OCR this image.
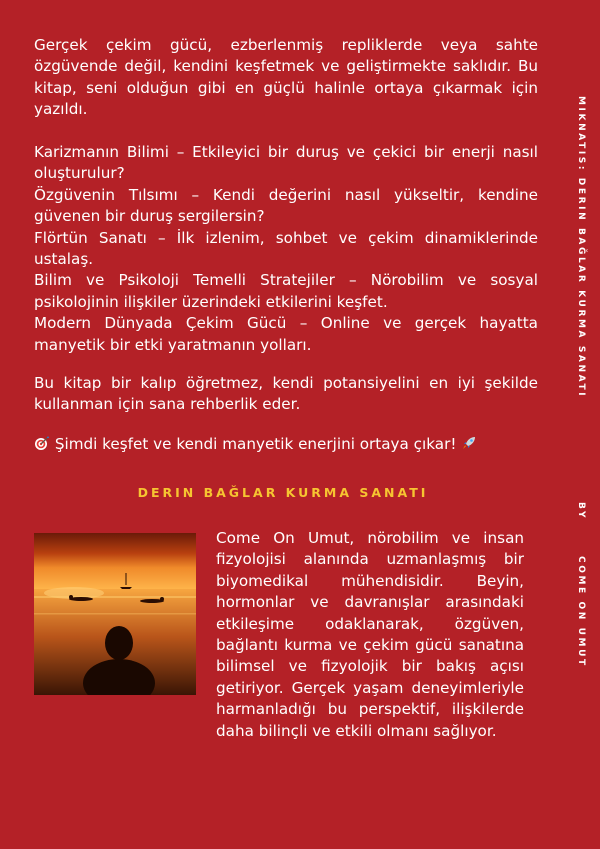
Gerçek çekim gücü, ezberlenmiş repliklerde veya sahte özgüvende değil, kendini keşfetmek ve geliştirmekte saklıdır. Bu kitap, seni olduğun gibi en güçlü halinle ortaya çıkarmak için yazıldı.

Karizmanın Bilimi – Etkileyici bir duruş ve çekici bir enerji nasıl oluşturulur?

Özgüvenin Tılsımı – Kendi değerini nasıl yükseltir, kendine güvenen bir duruş sergilersin?

Flörtün Sanatı – İlk izlenim, sohbet ve çekim dinamiklerinde ustalaş.

Bilim ve Psikoloji Temelli Stratejiler – Nörobilim ve sosyal psikolojinin ilişkiler üzerindeki etkilerini keşfet.

Modern Dünyada Çekim Gücü – Online ve gerçek hayatta manyetik bir etki yaratmanın yolları.

Bu kitap bir kalıp öğretmez, kendi potansiyelini en iyi şekilde kullanman için sana rehberlik eder.

Şimdi keşfet ve kendi manyetik enerjini ortaya çıkar!

DERIN BAĞLAR KURMA SANATI

Come On Umut, nörobilim ve insan fizyolojisi alanında uzmanlaşmış bir biyomedikal mühendisidir. Beyin, hormonlar ve davranışlar arasındaki etkileşime odaklanarak, özgüven, bağlantı kurma ve çekim gücü sanatına bilimsel ve fizyolojik bir bakış açısı getiriyor. Gerçek yaşam deneyimleriyle harmanladığı bu perspektif, ilişkilerde daha bilinçli ve etkili olmanı sağlıyor.

MIKNATIS: DERIN BAĞLAR KURMA SANATI
BY
COME ON UMUT
